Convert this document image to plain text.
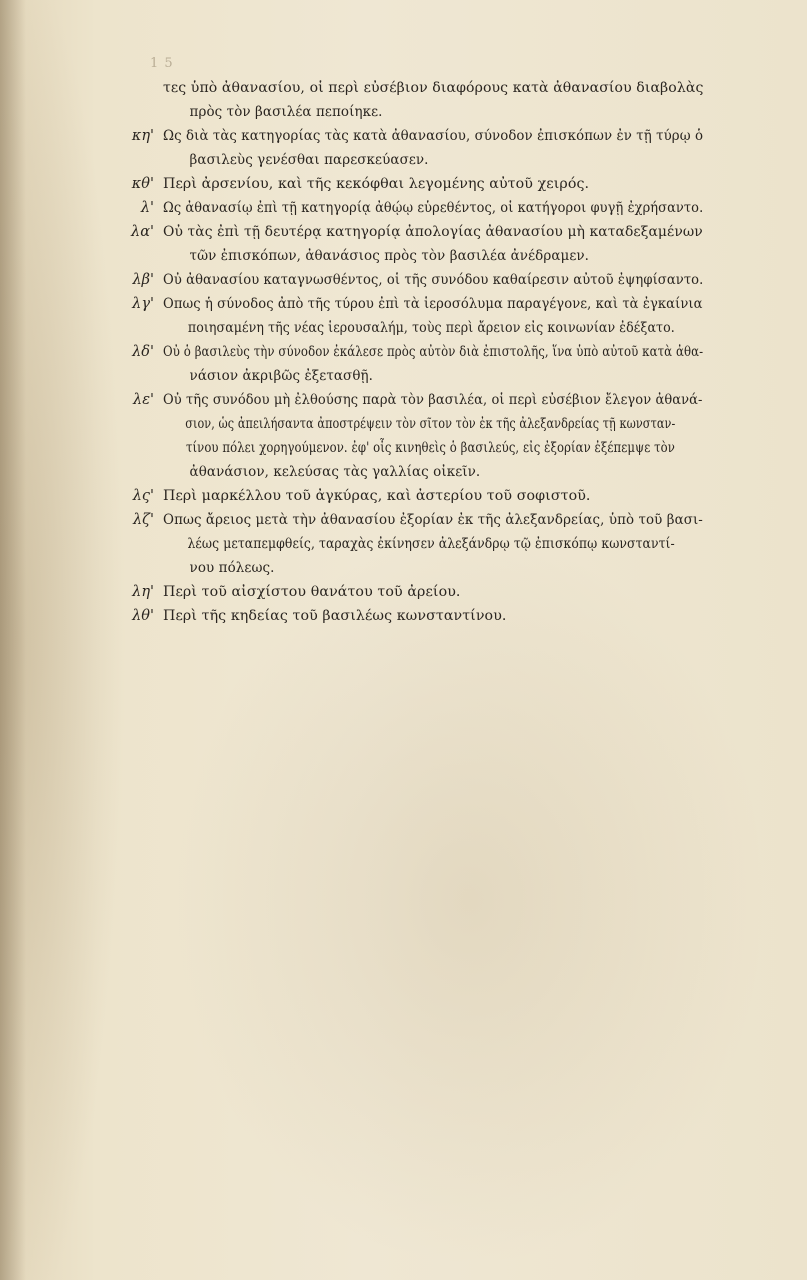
1 5
τες ὑπὸ ἀθανασίου, οἱ περὶ εὐσέβιον διαφόρους κατὰ ἀθανασίου διαβολὰς
πρὸς τὸν βασιλέα πεποίηκε.
κη' Ως διὰ τὰς κατηγορίας τὰς κατὰ ἀθανασίου, σύνοδον ἐπισκόπων ἐν τῇ τύρῳ ὁ
βασιλεὺς γενέσθαι παρεσκεύασεν.
κθ' Περὶ ἀρσενίου, καὶ τῆς κεκόφθαι λεγομένης αὐτοῦ χειρός.
λ' Ως ἀθανασίῳ ἐπὶ τῇ κατηγορίᾳ ἀθῴῳ εὑρεθέντος, οἱ κατήγοροι φυγῇ ἐχρήσαντο.
λα' Οὐ τὰς ἐπὶ τῇ δευτέρᾳ κατηγορίᾳ ἀπολογίας ἀθανασίου μὴ καταδεξαμένων
τῶν ἐπισκόπων, ἀθανάσιος πρὸς τὸν βασιλέα ἀνέδραμεν.
λβ' Οὐ ἀθανασίου καταγνωσθέντος, οἱ τῆς συνόδου καθαίρεσιν αὐτοῦ ἐψηφίσαντο.
λγ' Οπως ἡ σύνοδος ἀπὸ τῆς τύρου ἐπὶ τὰ ἱεροσόλυμα παραγέγονε, καὶ τὰ ἐγκαίνια
ποιησαμένη τῆς νέας ἱερουσαλήμ, τοὺς περὶ ἄρειον εἰς κοινωνίαν ἐδέξατο.
λδ' Οὐ ὁ βασιλεὺς τὴν σύνοδον ἐκάλεσε πρὸς αὐτὸν διὰ ἐπιστολῆς, ἵνα ὑπὸ αὐτοῦ κατὰ ἀθα-
νάσιον ἀκριβῶς ἐξετασθῇ.
λε' Οὐ τῆς συνόδου μὴ ἐλθούσης παρὰ τὸν βασιλέα, οἱ περὶ εὐσέβιον ἔλεγον ἀθανά-
σιον, ὡς ἀπειλήσαντα ἀποστρέψειν τὸν σῖτον τὸν ἐκ τῆς ἀλεξανδρείας τῇ κωνσταν-
τίνου πόλει χορηγούμενον. ἐφ' οἷς κινηθεὶς ὁ βασιλεύς, εἰς ἐξορίαν ἐξέπεμψε τὸν
ἀθανάσιον, κελεύσας τὰς γαλλίας οἰκεῖν.
λς' Περὶ μαρκέλλου τοῦ ἀγκύρας, καὶ ἀστερίου τοῦ σοφιστοῦ.
λζ' Οπως ἄρειος μετὰ τὴν ἀθανασίου ἐξορίαν ἐκ τῆς ἀλεξανδρείας, ὑπὸ τοῦ βασι-
λέως μεταπεμφθείς, ταραχὰς ἐκίνησεν ἀλεξάνδρῳ τῷ ἐπισκόπῳ κωνσταντί-
νου πόλεως.
λη' Περὶ τοῦ αἰσχίστου θανάτου τοῦ ἀρείου.
λθ' Περὶ τῆς κηδείας τοῦ βασιλέως κωνσταντίνου.
